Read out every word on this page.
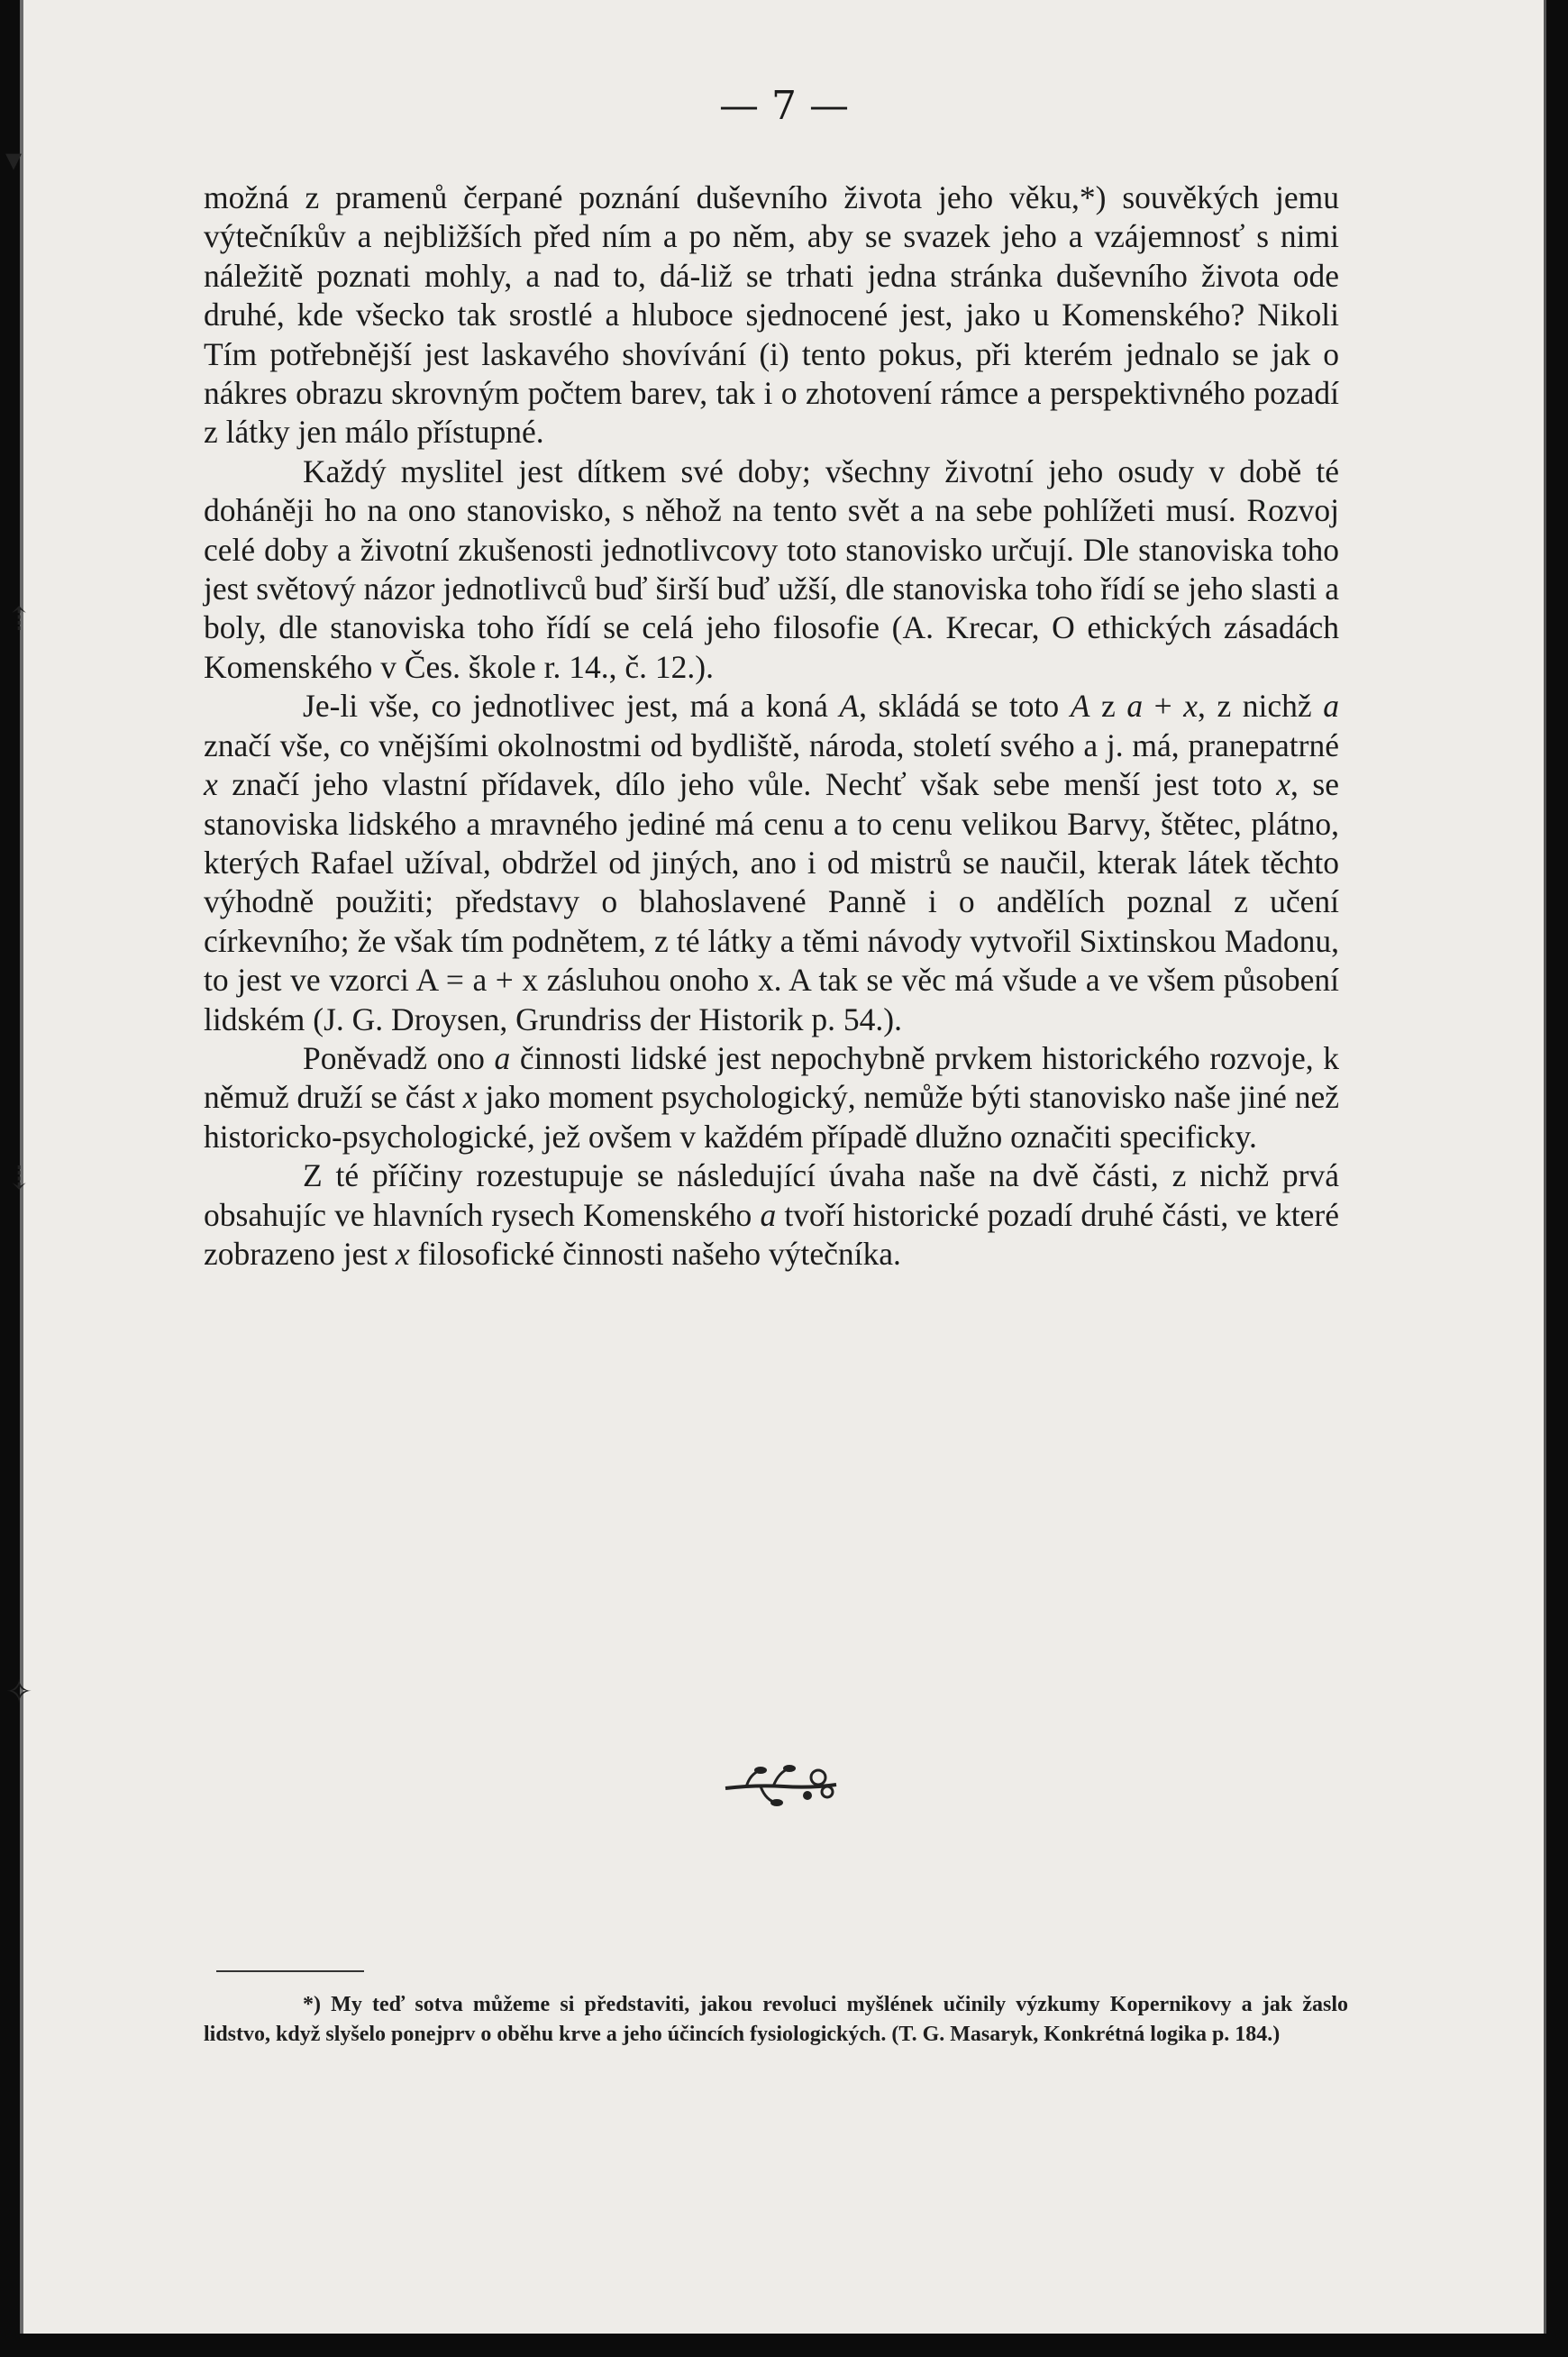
▾
⇡
⇣
✧
— 7 —

možná z pramenů čerpané poznání duševního života jeho věku,*) souvěkých jemu výtečníkův a nejbližších před ním a po něm, aby se svazek jeho a vzájemnosť s nimi náležitě poznati mohly, a nad to, dá-liž se trhati jedna stránka duševního života ode druhé, kde všecko tak srostlé a hluboce sjednocené jest, jako u Komenského? Nikoli Tím potřebnější jest laskavého shovívání (i) tento pokus, při kterém jednalo se jak o nákres obrazu skrovným počtem barev, tak i o zhotovení rámce a perspektivného pozadí z látky jen málo přístupné.

Každý myslitel jest dítkem své doby; všechny životní jeho osudy v době té doháněji ho na ono stanovisko, s něhož na tento svět a na sebe pohlížeti musí. Rozvoj celé doby a životní zkušenosti jednotlivcovy toto stanovisko určují. Dle stanoviska toho jest světový názor jednotlivců buď širší buď užší, dle stanoviska toho řídí se jeho slasti a boly, dle stanoviska toho řídí se celá jeho filosofie (A. Krecar, O ethických zásadách Komenského v Čes. škole r. 14., č. 12.).

Je-li vše, co jednotlivec jest, má a koná A, skládá se toto A z a + x, z nichž a značí vše, co vnějšími okolnostmi od bydliště, národa, století svého a j. má, pranepatrné x značí jeho vlastní přídavek, dílo jeho vůle. Nechť však sebe menší jest toto x, se stanoviska lidského a mravného jediné má cenu a to cenu velikou Barvy, štětec, plátno, kterých Rafael užíval, obdržel od jiných, ano i od mistrů se naučil, kterak látek těchto výhodně použiti; představy o blahoslavené Panně i o andělích poznal z učení církevního; že však tím podnětem, z té látky a těmi návody vytvořil Sixtinskou Madonu, to jest ve vzorci A = a + x zásluhou onoho x. A tak se věc má všude a ve všem působení lidském (J. G. Droysen, Grundriss der Historik p. 54.).

Poněvadž ono a činnosti lidské jest nepochybně prvkem historického rozvoje, k němuž druží se část x jako moment psychologický, nemůže býti stanovisko naše jiné než historicko-psychologické, jež ovšem v každém případě dlužno označiti specificky.

Z té příčiny rozestupuje se následující úvaha naše na dvě části, z nichž prvá obsahujíc ve hlavních rysech Komenského a tvoří historické pozadí druhé části, ve které zobrazeno jest x filosofické činnosti našeho výtečníka.

*) My teď sotva můžeme si představiti, jakou revoluci myšlének učinily výzkumy Kopernikovy a jak žaslo lidstvo, když slyšelo poneјprv o oběhu krve a jeho účincích fysiologických. (T. G. Masaryk, Konkrétná logika p. 184.)
